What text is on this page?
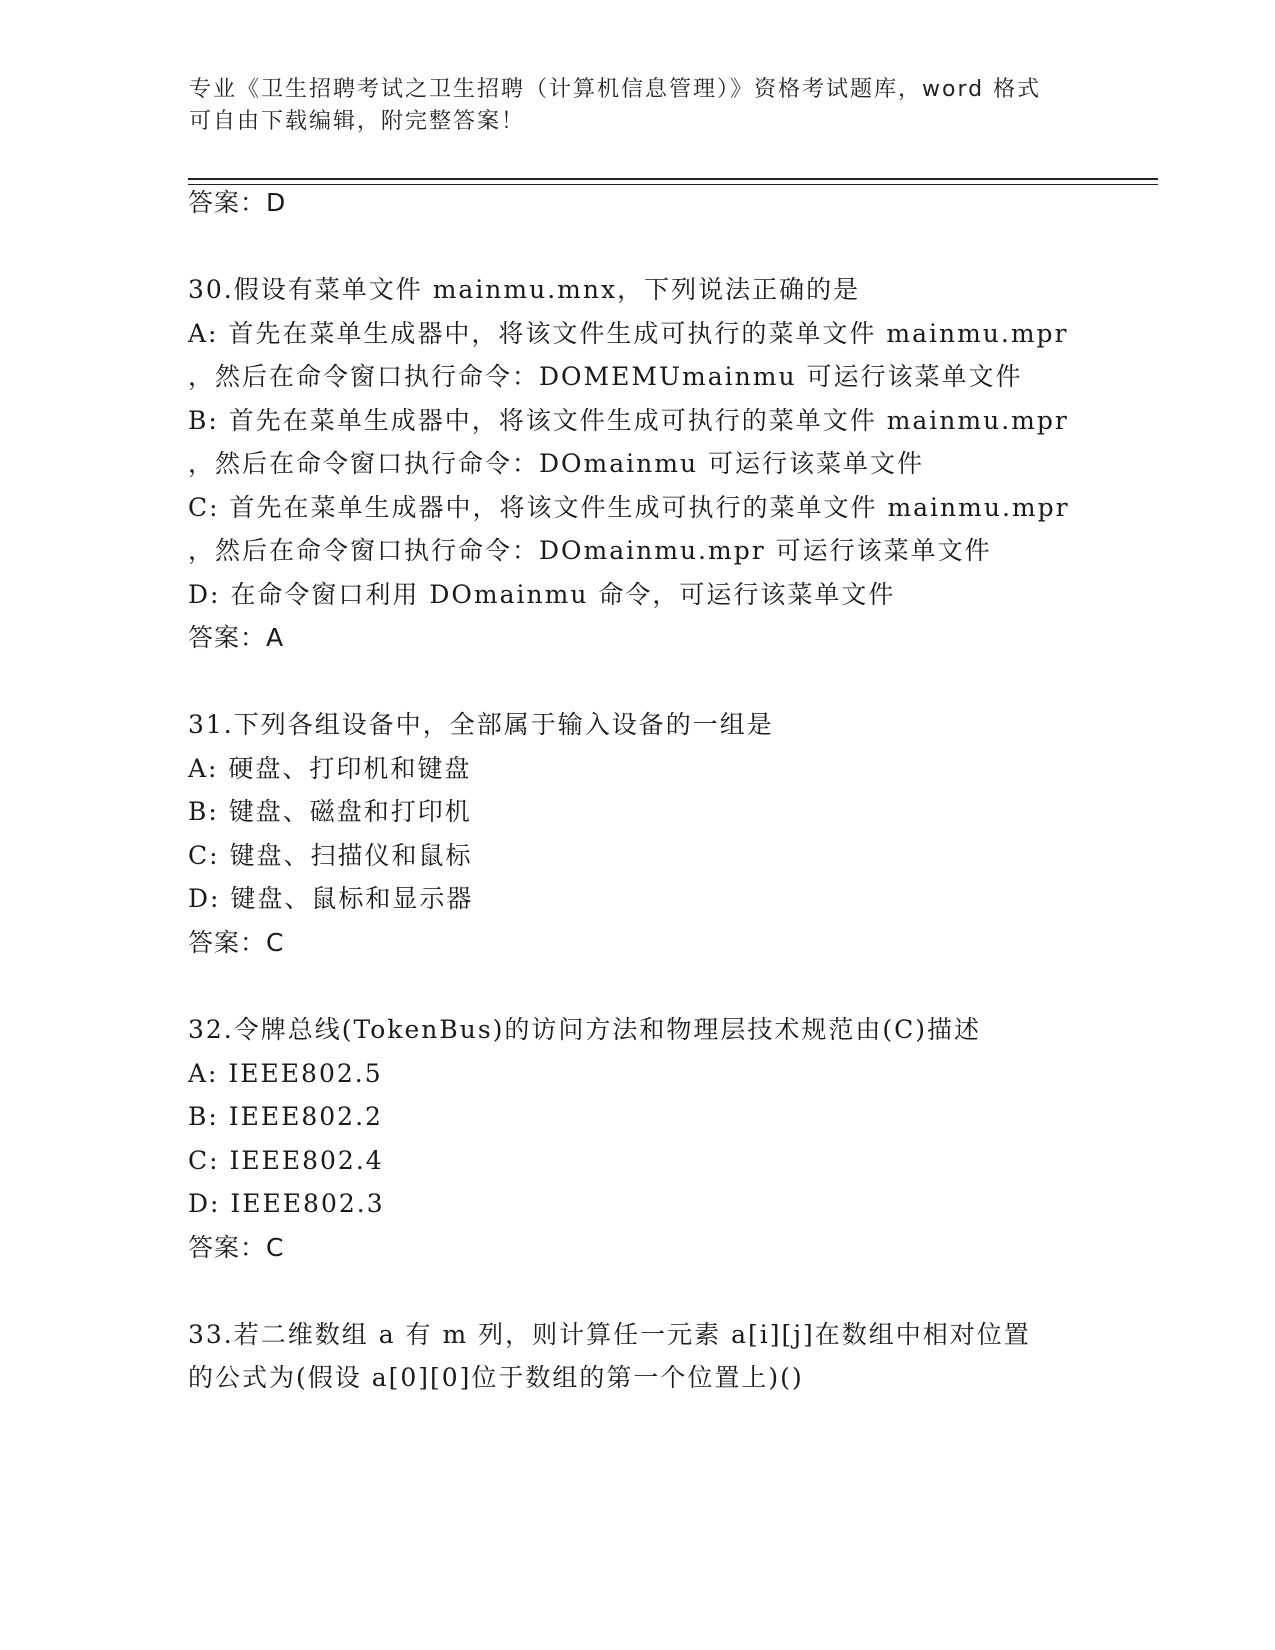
专业《卫生招聘考试之卫生招聘（计算机信息管理）》资格考试题库，word 格式
可自由下载编辑，附完整答案！
答案：D
30.假设有菜单文件 mainmu.mnx，下列说法正确的是
A: 首先在菜单生成器中，将该文件生成可执行的菜单文件 mainmu.mpr
，然后在命令窗口执行命令：DOMEMUmainmu 可运行该菜单文件
B: 首先在菜单生成器中，将该文件生成可执行的菜单文件 mainmu.mpr
，然后在命令窗口执行命令：DOmainmu 可运行该菜单文件
C: 首先在菜单生成器中，将该文件生成可执行的菜单文件 mainmu.mpr
，然后在命令窗口执行命令：DOmainmu.mpr 可运行该菜单文件
D: 在命令窗口利用 DOmainmu 命令，可运行该菜单文件
答案：A
31.下列各组设备中，全部属于输入设备的一组是
A: 硬盘、打印机和键盘
B: 键盘、磁盘和打印机
C: 键盘、扫描仪和鼠标
D: 键盘、鼠标和显示器
答案：C
32.令牌总线(TokenBus)的访问方法和物理层技术规范由(C)描述
A: IEEE802.5
B: IEEE802.2
C: IEEE802.4
D: IEEE802.3
答案：C
33.若二维数组 a 有 m 列，则计算任一元素 a[i][j]在数组中相对位置
的公式为(假设 a[0][0]位于数组的第一个位置上)()
